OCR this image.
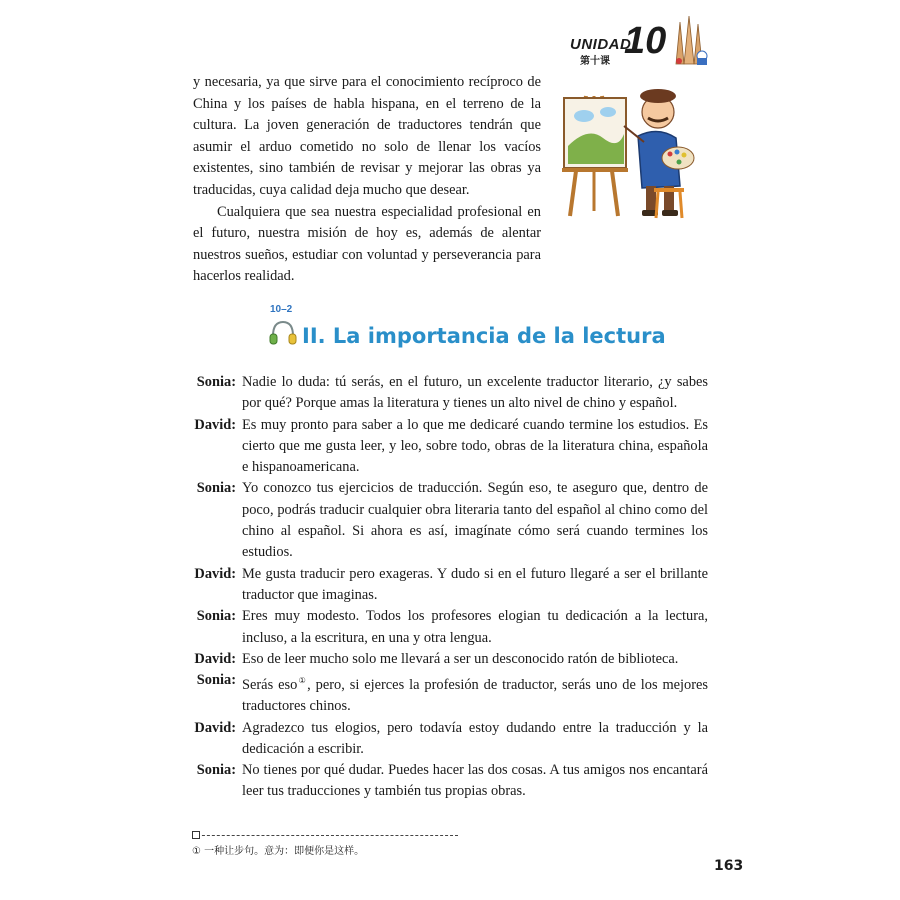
UNIDAD
第十课 10

y necesaria, ya que sirve para el conocimiento recíproco de China y los países de habla hispana, en el terreno de la cultura. La joven generación de traductores tendrán que asumir el arduo cometido no solo de llenar los vacíos existentes, sino también de revisar y mejorar las obras ya traducidas, cuya calidad deja mucho que desear.

Cualquiera que sea nuestra especialidad profesional en el futuro, nuestra misión de hoy es, además de alentar nuestros sueños, estudiar con voluntad y perseverancia para hacerlos realidad.

10–2
II. La importancia de la lectura
Sonia: Nadie lo duda: tú serás, en el futuro, un excelente traductor literario, ¿y sabes por qué? Porque amas la literatura y tienes un alto nivel de chino y español.
David: Es muy pronto para saber a lo que me dedicaré cuando termine los estudios. Es cierto que me gusta leer, y leo, sobre todo, obras de la literatura china, española e hispanoamericana.
Sonia: Yo conozco tus ejercicios de traducción. Según eso, te aseguro que, dentro de poco, podrás traducir cualquier obra literaria tanto del español al chino como del chino al español. Si ahora es así, imagínate cómo será cuando termines los estudios.
David: Me gusta traducir pero exageras. Y dudo si en el futuro llegaré a ser el brillante traductor que imaginas.
Sonia: Eres muy modesto. Todos los profesores elogian tu dedicación a la lectura, incluso, a la escritura, en una y otra lengua.
David: Eso de leer mucho solo me llevará a ser un desconocido ratón de biblioteca.
Sonia: Serás eso①, pero, si ejerces la profesión de traductor, serás uno de los mejores traductores chinos.
David: Agradezco tus elogios, pero todavía estoy dudando entre la traducción y la dedicación a escribir.
Sonia: No tienes por qué dudar. Puedes hacer las dos cosas. A tus amigos nos encantará leer tus traducciones y también tus propias obras.
① 一种让步句。意为：即便你是这样。
163
